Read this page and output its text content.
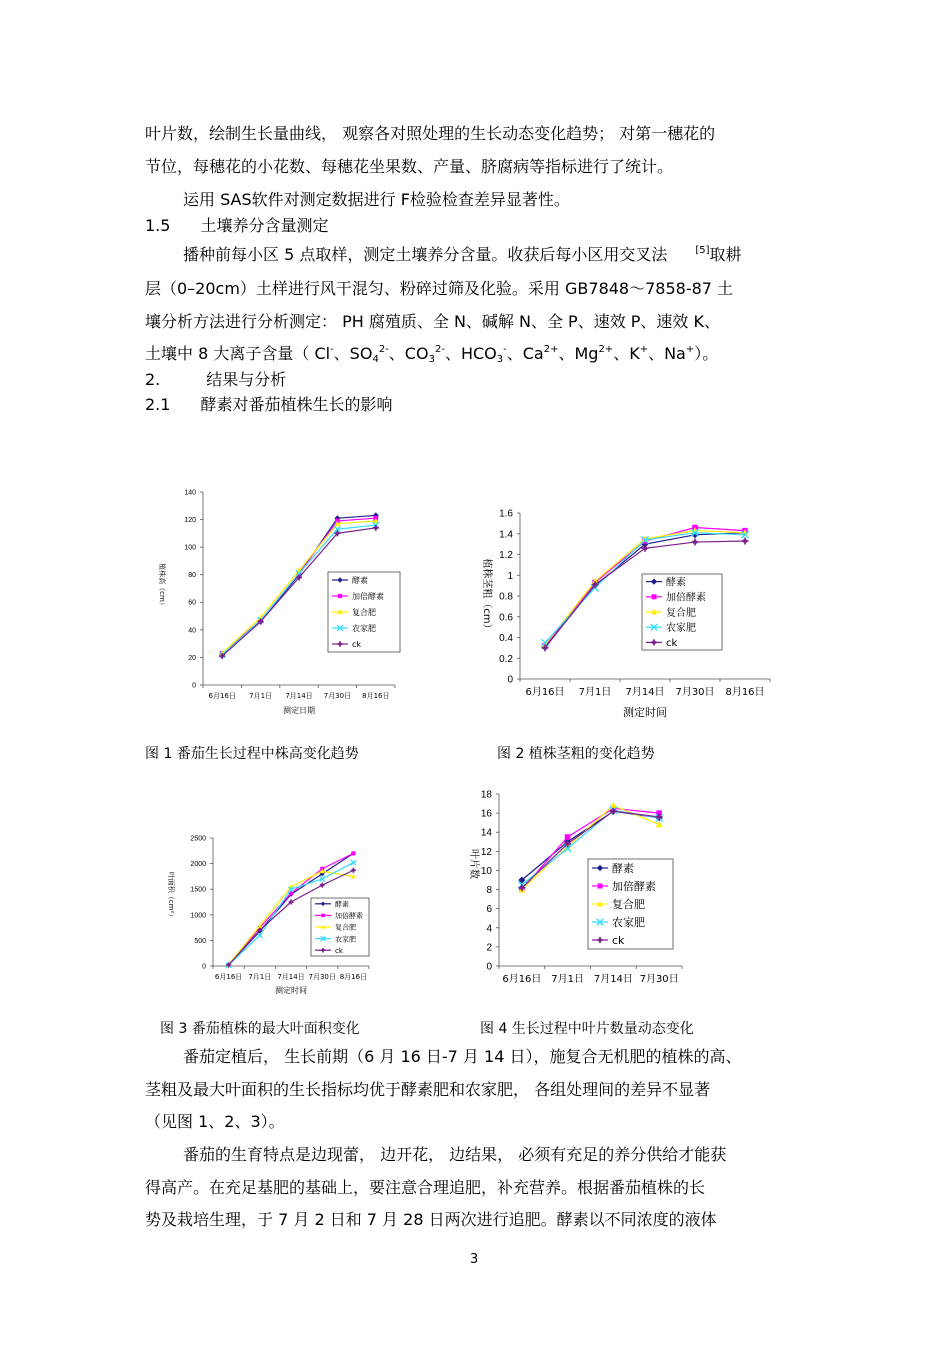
叶片数，绘制生长量曲线， 观察各对照处理的生长动态变化趋势； 对第一穗花的
节位，每穗花的小花数、每穗花坐果数、产量、脐腐病等指标进行了统计。
运用 SAS软件对测定数据进行 F检验检查差异显著性。
1.5 土壤养分含量测定
播种前每小区 5 点取样，测定土壤养分含量。收获后每小区用交叉法	[5]取耕
层（0–20cm）土样进行风干混匀、粉碎过筛及化验。采用 GB7848～7858-87 土
壤分析方法进行分析测定： PH 腐殖质、全 N、碱解 N、全 P、速效 P、速效 K、
土壤中 8 大离子含量（ Cl-、$SO_4^{2-}$、$CO_3^{2-}$、$HCO_3^-$、$Ca^{2+}$、$Mg^{2+}$、K+、Na+）。
2.	结果与分析
2.1 酵素对番茄植株生长的影响
0
20
40
60
80
100
120
140
6月16日 7月1日 7月14日 7月30日 8月16日
测定日期
植株高（cm）	酵素
加倍酵素
复合肥
农家肥
ck
0
0.2
0.4
0.6
0.8
1
1.2
1.4
1.6
6月16日 7月1日 7月14日 7月30日 8月16日
测定时间
植株茎粗（cm）	酵素
加倍酵素
复合肥
农家肥
ck
0
500
1000
1500
2000
2500
6月16日 7月1日 7月14日 7月30日 8月16日
测定时间
叶面积（cm²）	酵素
加倍酵素
复合肥
农家肥
ck
0
2
4
6
8
10
12
14
16
18
6月16日 7月1日 7月14日 7月30日
叶片数	酵素
加倍酵素
复合肥
农家肥
ck
图 1 番茄生长过程中株高变化趋势	图 2 植株茎粗的变化趋势
图 3 番茄植株的最大叶面积变化	图 4 生长过程中叶片数量动态变化
番茄定植后， 生长前期（6 月 16 日-7 月 14 日），施复合无机肥的植株的高、
茎粗及最大叶面积的生长指标均优于酵素肥和农家肥， 各组处理间的差异不显著
（见图 1、2、3）。
番茄的生育特点是边现蕾， 边开花， 边结果， 必须有充足的养分供给才能获
得高产。在充足基肥的基础上，要注意合理追肥，补充营养。根据番茄植株的长
势及栽培生理，于 7 月 2 日和 7 月 28 日两次进行追肥。酵素以不同浓度的液体
3
